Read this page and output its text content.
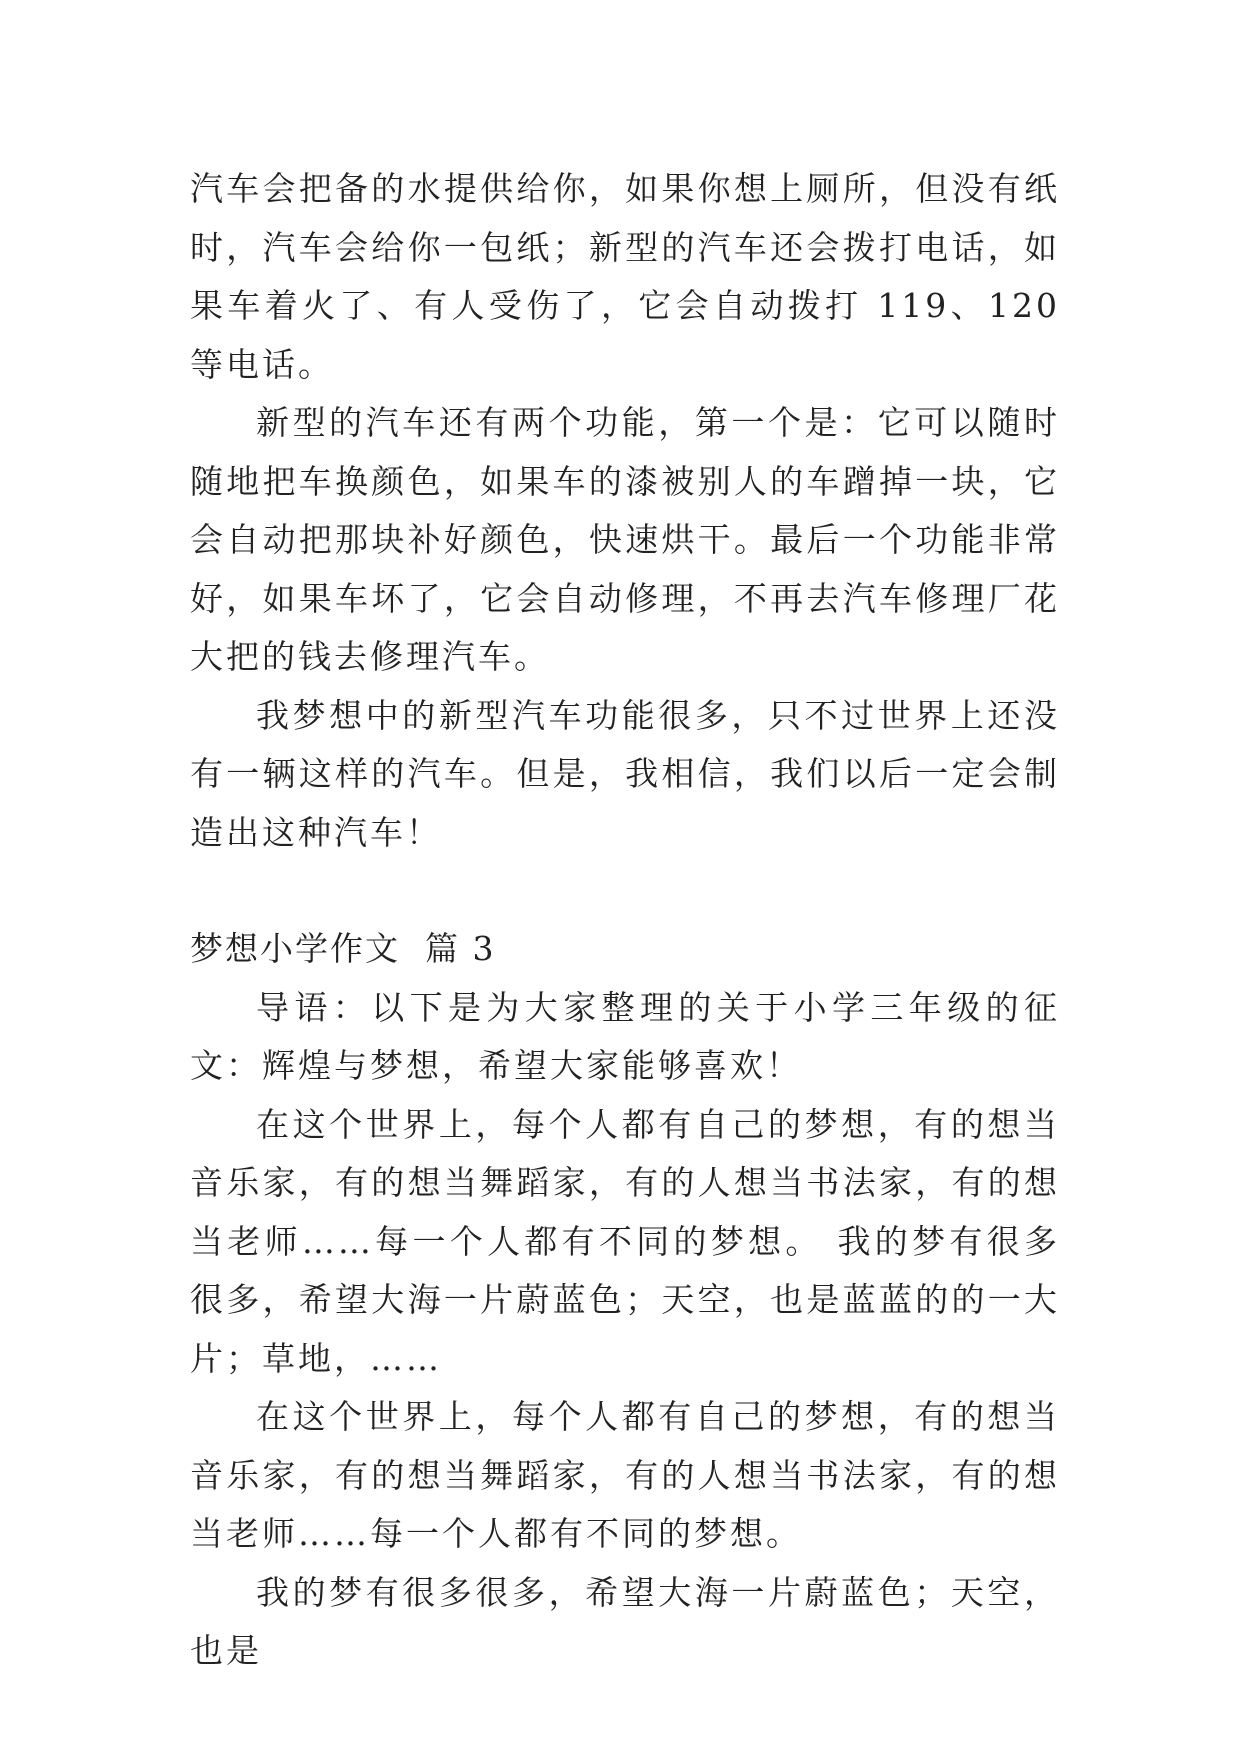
汽车会把备的水提供给你，如果你想上厕所，但没有纸时，汽车会给你一包纸；新型的汽车还会拨打电话，如果车着火了、有人受伤了，它会自动拨打 119、120 等电话。

新型的汽车还有两个功能，第一个是：它可以随时随地把车换颜色，如果车的漆被别人的车蹭掉一块，它会自动把那块补好颜色，快速烘干。最后一个功能非常好，如果车坏了，它会自动修理，不再去汽车修理厂花大把的钱去修理汽车。

我梦想中的新型汽车功能很多，只不过世界上还没有一辆这样的汽车。但是，我相信，我们以后一定会制造出这种汽车！

梦想小学作文  篇 3

导语：以下是为大家整理的关于小学三年级的征文：辉煌与梦想，希望大家能够喜欢！

在这个世界上，每个人都有自己的梦想，有的想当音乐家，有的想当舞蹈家，有的人想当书法家，有的想当老师……每一个人都有不同的梦想。 我的梦有很多很多，希望大海一片蔚蓝色；天空，也是蓝蓝的的一大片；草地，……

在这个世界上，每个人都有自己的梦想，有的想当音乐家，有的想当舞蹈家，有的人想当书法家，有的想当老师……每一个人都有不同的梦想。

我的梦有很多很多，希望大海一片蔚蓝色；天空，也是
